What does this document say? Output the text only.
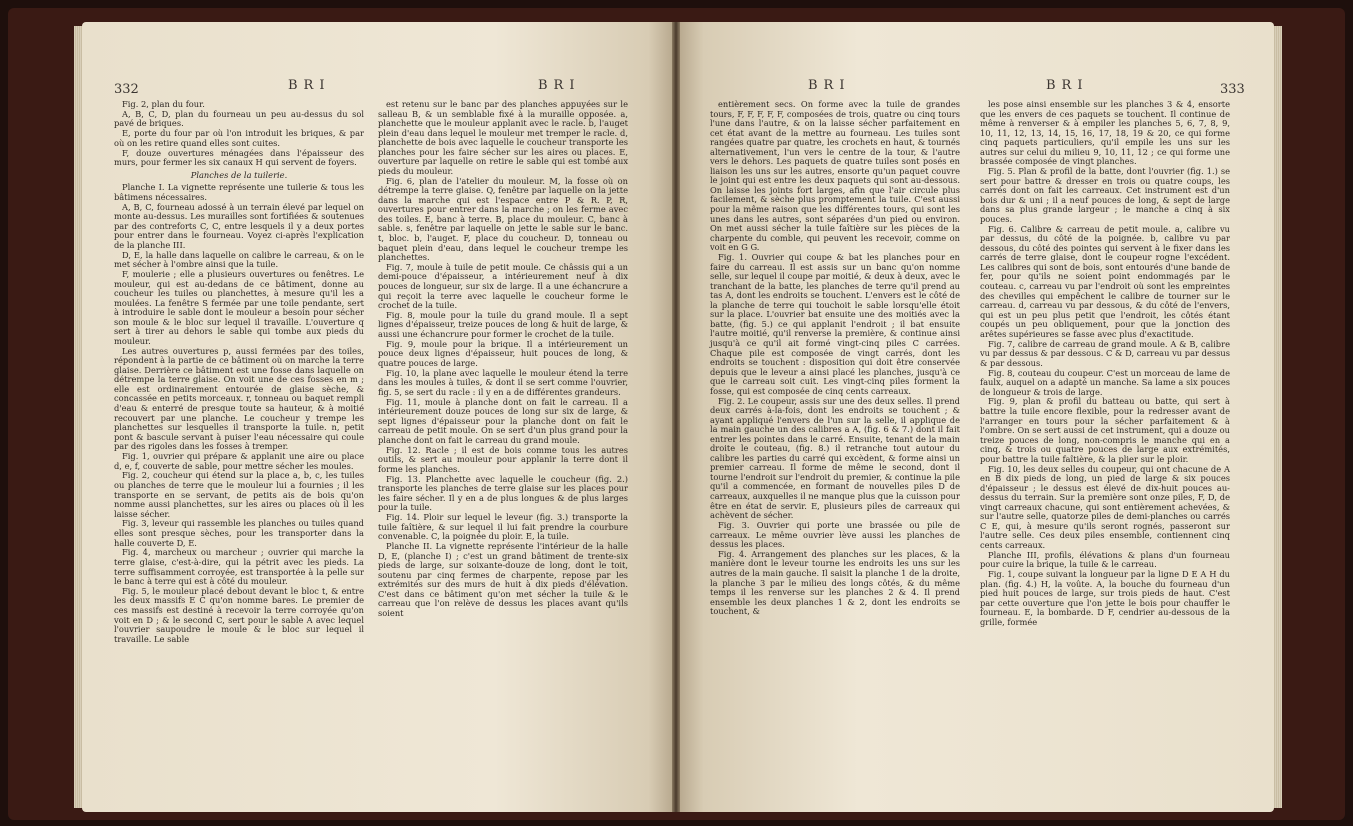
332	BRI	BRI

Fig. 2, plan du four.

A, B, C, D, plan du fourneau un peu au-dessus du sol pavé de briques.

E, porte du four par où l'on introduit les briques, & par où on les retire quand elles sont cuites.

F, douze ouvertures ménagées dans l'épaisseur des murs, pour fermer les six canaux H qui servent de foyers.

Planches de la tuilerie.

Planche I. La vignette représente une tuilerie & tous les bâtimens nécessaires.

A, B, C, fourneau adossé à un terrain élevé par lequel on monte au-dessus. Les murailles sont fortifiées & soutenues par des contreforts C, C, entre lesquels il y a deux portes pour entrer dans le fourneau. Voyez ci-après l'explication de la planche III.

D, E, la halle dans laquelle on calibre le carreau, & on le met sécher à l'ombre ainsi que la tuile.

F, moulerie ; elle a plusieurs ouvertures ou fenêtres. Le mouleur, qui est au-dedans de ce bâtiment, donne au coucheur les tuiles ou planchettes, à mesure qu'il les a moulées. La fenêtre S fermée par une toile pendante, sert à introduire le sable dont le mouleur a besoin pour sécher son moule & le bloc sur lequel il travaille. L'ouverture q sert à tirer au dehors le sable qui tombe aux pieds du mouleur.

Les autres ouvertures p, aussi fermées par des toiles, répondent à la partie de ce bâtiment où on marche la terre glaise. Derrière ce bâtiment est une fosse dans laquelle on détrempe la terre glaise. On voit une de ces fosses en m ; elle est ordinairement entourée de glaise sèche, & concassée en petits morceaux. r, tonneau ou baquet rempli d'eau & enterré de presque toute sa hauteur, & à moitié recouvert par une planche. Le coucheur y trempe les planchettes sur lesquelles il transporte la tuile. n, petit pont & bascule servant à puiser l'eau nécessaire qui coule par des rigoles dans les fosses à tremper.

Fig. 1, ouvrier qui prépare & applanit une aire ou place d, e, f, couverte de sable, pour mettre sécher les moules.

Fig. 2, coucheur qui étend sur la place a, b, c, les tuiles ou planches de terre que le mouleur lui a fournies ; il les transporte en se servant, de petits ais de bois qu'on nomme aussi planchettes, sur les aires ou places où il les laisse sécher.

Fig. 3, leveur qui rassemble les planches ou tuiles quand elles sont presque sèches, pour les transporter dans la halle couverte D, E.

Fig. 4, marcheux ou marcheur ; ouvrier qui marche la terre glaise, c'est-à-dire, qui la pétrit avec les pieds. La terre suffisamment corroyée, est transportée à la pelle sur le banc à terre qui est à côté du mouleur.

Fig. 5, le mouleur placé debout devant le bloc t, & entre les deux massifs E C qu'on nomme bares. Le premier de ces massifs est destiné à recevoir la terre corroyée qu'on voit en D ; & le second C, sert pour le sable A avec lequel l'ouvrier saupoudre le moule & le bloc sur lequel il travaille. Le sable

est retenu sur le banc par des planches appuyées sur le salleau B, & un semblable fixé à la muraille opposée. a, planchette que le mouleur applanit avec le racle. b, l'auget plein d'eau dans lequel le mouleur met tremper le racle. d, planchette de bois avec laquelle le coucheur transporte les planches pour les faire sécher sur les aires ou places. E, ouverture par laquelle on retire le sable qui est tombé aux pieds du mouleur.

Fig. 6, plan de l'atelier du mouleur. M, la fosse où on détrempe la terre glaise. Q, fenêtre par laquelle on la jette dans la marche qui est l'espace entre P & R. P, R, ouvertures pour entrer dans la marche ; on les ferme avec des toiles. E, banc à terre. B, place du mouleur. C, banc à sable. s, fenêtre par laquelle on jette le sable sur le banc. t, bloc. b, l'auget. F, place du coucheur. D, tonneau ou baquet plein d'eau, dans lequel le coucheur trempe les planchettes.

Fig. 7, moule à tuile de petit moule. Ce châssis qui a un demi-pouce d'épaisseur, a intérieurement neuf à dix pouces de longueur, sur six de large. Il a une échancrure a qui reçoit la terre avec laquelle le coucheur forme le crochet de la tuile.

Fig. 8, moule pour la tuile du grand moule. Il a sept lignes d'épaisseur, treize pouces de long & huit de large, & aussi une échancrure pour former le crochet de la tuile.

Fig. 9, moule pour la brique. Il a intérieurement un pouce deux lignes d'épaisseur, huit pouces de long, & quatre pouces de large.

Fig. 10, la plane avec laquelle le mouleur étend la terre dans les moules à tuiles, & dont il se sert comme l'ouvrier, fig. 5, se sert du racle : il y en a de différentes grandeurs.

Fig. 11, moule à planche dont on fait le carreau. Il a intérieurement douze pouces de long sur six de large, & sept lignes d'épaisseur pour la planche dont on fait le carreau de petit moule. On se sert d'un plus grand pour la planche dont on fait le carreau du grand moule.

Fig. 12. Racle ; il est de bois comme tous les autres outils, & sert au mouleur pour applanir la terre dont il forme les planches.

Fig. 13. Planchette avec laquelle le coucheur (fig. 2.) transporte les planches de terre glaise sur les places pour les faire sécher. Il y en a de plus longues & de plus larges pour la tuile.

Fig. 14. Ploir sur lequel le leveur (fig. 3.) transporte la tuile faîtière, & sur lequel il lui fait prendre la courbure convenable. C, la poignée du ploir. E, la tuile.

Planche II. La vignette représente l'intérieur de la halle D, E, (planche I) ; c'est un grand bâtiment de trente-six pieds de large, sur soixante-douze de long, dont le toit, soutenu par cinq fermes de charpente, repose par les extrémités sur des murs de huit à dix pieds d'élévation. C'est dans ce bâtiment qu'on met sécher la tuile & le carreau que l'on relève de dessus les places avant qu'ils soient

BRI	BRI	333

entièrement secs. On forme avec la tuile de grandes tours, F, F, F, F, F, composées de trois, quatre ou cinq tours l'une dans l'autre, & on la laisse sécher parfaitement en cet état avant de la mettre au fourneau. Les tuiles sont rangées quatre par quatre, les crochets en haut, & tournés alternativement, l'un vers le centre de la tour, & l'autre vers le dehors. Les paquets de quatre tuiles sont posés en liaison les uns sur les autres, ensorte qu'un paquet couvre le joint qui est entre les deux paquets qui sont au-dessous. On laisse les joints fort larges, afin que l'air circule plus facilement, & sèche plus promptement la tuile. C'est aussi pour la même raison que les différentes tours, qui sont les unes dans les autres, sont séparées d'un pied ou environ. On met aussi sécher la tuile faîtière sur les pièces de la charpente du comble, qui peuvent les recevoir, comme on voit en G G.

Fig. 1. Ouvrier qui coupe & bat les planches pour en faire du carreau. Il est assis sur un banc qu'on nomme selle, sur lequel il coupe par moitié, & deux à deux, avec le tranchant de la batte, les planches de terre qu'il prend au tas A, dont les endroits se touchent. L'envers est le côté de la planche de terre qui touchoit le sable lorsqu'elle étoit sur la place. L'ouvrier bat ensuite une des moitiés avec la batte, (fig. 5.) ce qui applanit l'endroit ; il bat ensuite l'autre moitié, qu'il renverse la première, & continue ainsi jusqu'à ce qu'il ait formé vingt-cinq piles C carrées. Chaque pile est composée de vingt carrés, dont les endroits se touchent : disposition qui doit être conservée depuis que le leveur a ainsi placé les planches, jusqu'à ce que le carreau soit cuit. Les vingt-cinq piles forment la fosse, qui est composée de cinq cents carreaux.

Fig. 2. Le coupeur, assis sur une des deux selles. Il prend deux carrés à-la-fois, dont les endroits se touchent ; & ayant appliqué l'envers de l'un sur la selle, il applique de la main gauche un des calibres a A, (fig. 6 & 7.) dont il fait entrer les pointes dans le carré. Ensuite, tenant de la main droite le couteau, (fig. 8.) il retranche tout autour du calibre les parties du carré qui excèdent, & forme ainsi un premier carreau. Il forme de même le second, dont il tourne l'endroit sur l'endroit du premier, & continue la pile qu'il a commencée, en formant de nouvelles piles D de carreaux, auxquelles il ne manque plus que la cuisson pour être en état de servir. E, plusieurs piles de carreaux qui achèvent de sécher.

Fig. 3. Ouvrier qui porte une brassée ou pile de carreaux. Le même ouvrier lève aussi les planches de dessus les places.

Fig. 4. Arrangement des planches sur les places, & la manière dont le leveur tourne les endroits les uns sur les autres de la main gauche. Il saisit la planche 1 de la droite, la planche 3 par le milieu des longs côtés, & du même temps il les renverse sur les planches 2 & 4. Il prend ensemble les deux planches 1 & 2, dont les endroits se touchent, &

les pose ainsi ensemble sur les planches 3 & 4, ensorte que les envers de ces paquets se touchent. Il continue de même à renverser & à empiler les planches 5, 6, 7, 8, 9, 10, 11, 12, 13, 14, 15, 16, 17, 18, 19 & 20, ce qui forme cinq paquets particuliers, qu'il empile les uns sur les autres sur celui du milieu 9, 10, 11, 12 ; ce qui forme une brassée composée de vingt planches.

Fig. 5. Plan & profil de la batte, dont l'ouvrier (fig. 1.) se sert pour battre & dresser en trois ou quatre coups, les carrés dont on fait les carreaux. Cet instrument est d'un bois dur & uni ; il a neuf pouces de long, & sept de large dans sa plus grande largeur ; le manche a cinq à six pouces.

Fig. 6. Calibre & carreau de petit moule. a, calibre vu par dessus, du côté de la poignée. b, calibre vu par dessous, du côté des pointes qui servent à le fixer dans les carrés de terre glaise, dont le coupeur rogne l'excédent. Les calibres qui sont de bois, sont entourés d'une bande de fer, pour qu'ils ne soient point endommagés par le couteau. c, carreau vu par l'endroit où sont les empreintes des chevilles qui empêchent le calibre de tourner sur le carreau. d, carreau vu par dessous, & du côté de l'envers, qui est un peu plus petit que l'endroit, les côtés étant coupés un peu obliquement, pour que la jonction des arêtes supérieures se fasse avec plus d'exactitude.

Fig. 7, calibre de carreau de grand moule. A & B, calibre vu par dessus & par dessous. C & D, carreau vu par dessus & par dessous.

Fig. 8, couteau du coupeur. C'est un morceau de lame de faulx, auquel on a adapté un manche. Sa lame a six pouces de longueur & trois de large.

Fig. 9, plan & profil du batteau ou batte, qui sert à battre la tuile encore flexible, pour la redresser avant de l'arranger en tours pour la sécher parfaitement & à l'ombre. On se sert aussi de cet instrument, qui a douze ou treize pouces de long, non-compris le manche qui en a cinq, & trois ou quatre pouces de large aux extrémités, pour battre la tuile faîtière, & la plier sur le ploir.

Fig. 10, les deux selles du coupeur, qui ont chacune de A en B dix pieds de long, un pied de large & six pouces d'épaisseur ; le dessus est élevé de dix-huit pouces au-dessus du terrain. Sur la première sont onze piles, F, D, de vingt carreaux chacune, qui sont entièrement achevées, & sur l'autre selle, quatorze piles de demi-planches ou carrés C E, qui, à mesure qu'ils seront rognés, passeront sur l'autre selle. Ces deux piles ensemble, contiennent cinq cents carreaux.

Planche III, profils, élévations & plans d'un fourneau pour cuire la brique, la tuile & le carreau.

Fig. 1, coupe suivant la longueur par la ligne D E A H du plan. (fig. 4.) H, la voûte. A, la bouche du fourneau d'un pied huit pouces de large, sur trois pieds de haut. C'est par cette ouverture que l'on jette le bois pour chauffer le fourneau. E, la bombarde. D F, cendrier au-dessous de la grille, formée
